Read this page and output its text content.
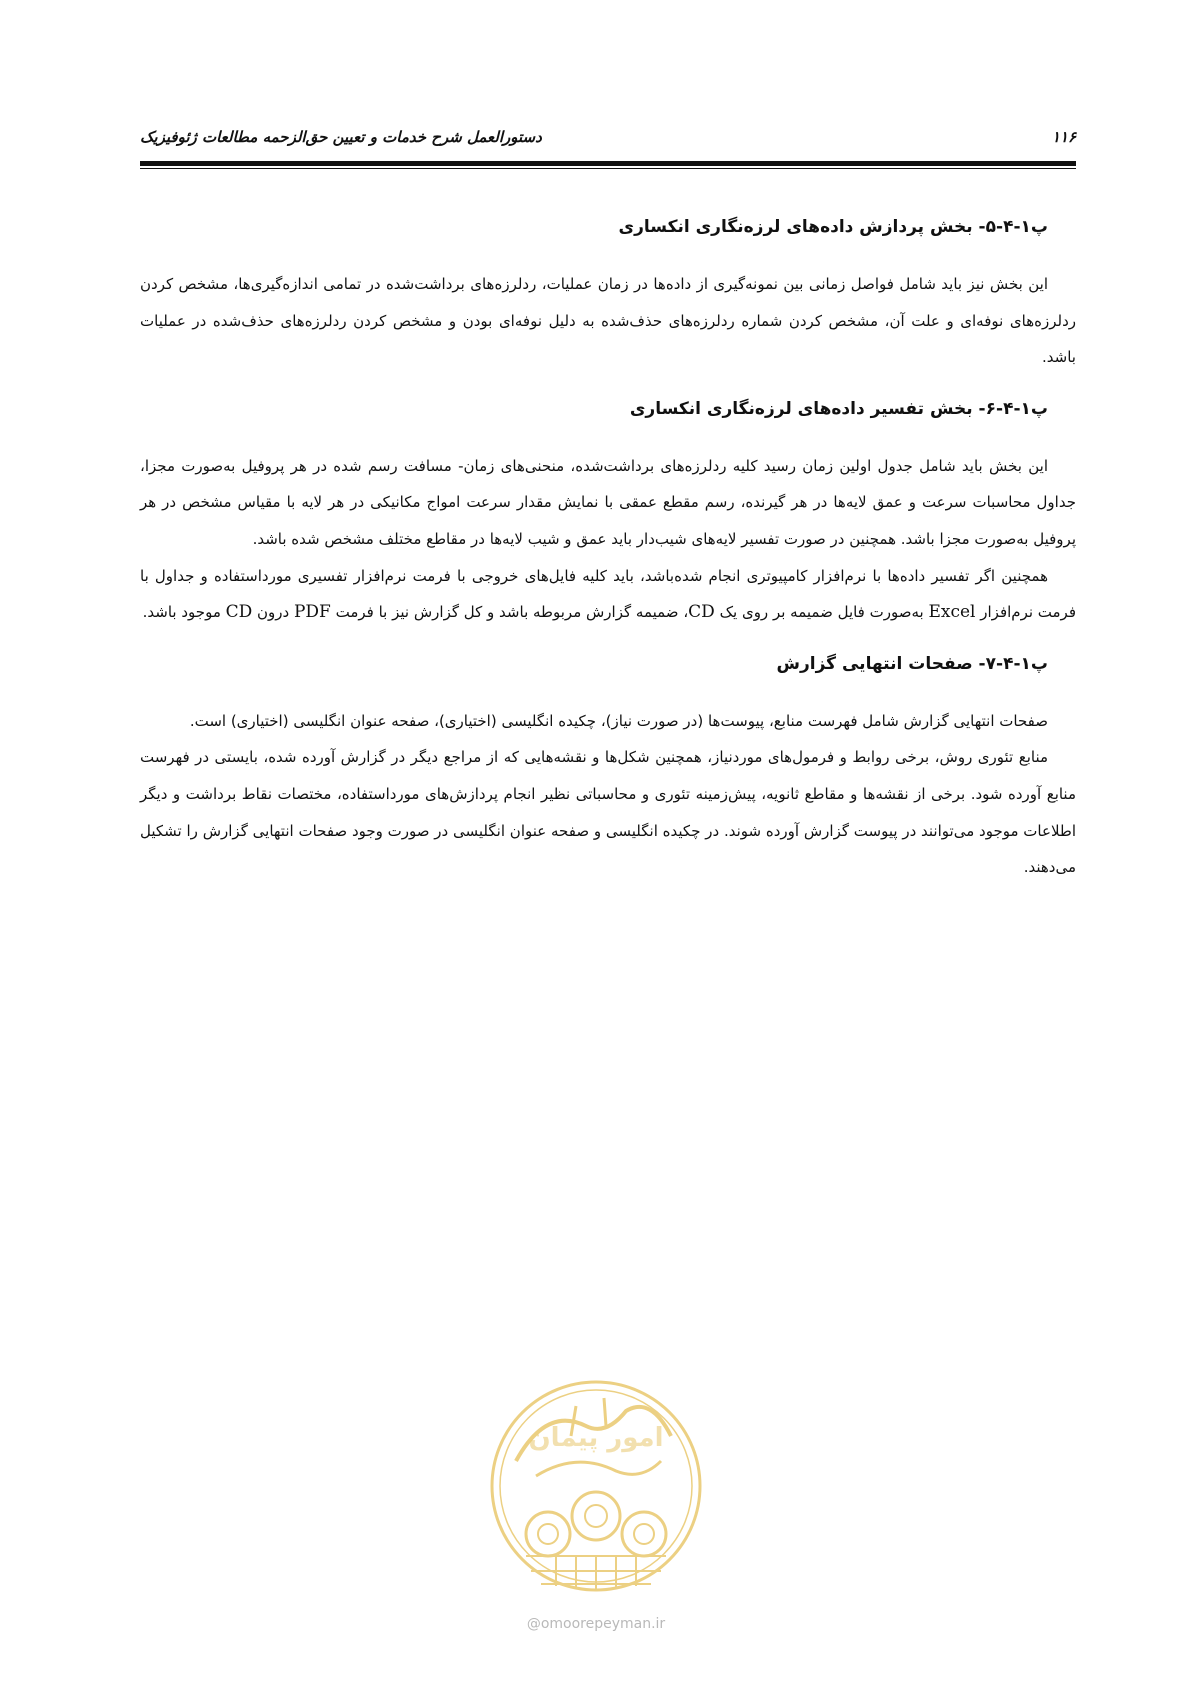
دستورالعمل شرح خدمات و تعیین حق‌الزحمه مطالعات ژئوفیزیک	۱۱۶
پ۱-۴-۵- بخش پردازش داده‌های لرزه‌نگاری انکساری

این بخش نیز باید شامل فواصل زمانی بین نمونه‌گیری از داده‌ها در زمان عملیات، ردلرزه‌های برداشت‌شده در تمامی اندازه‌گیری‌ها، مشخص کردن ردلرزه‌های نوفه‌ای و علت آن، مشخص کردن شماره ردلرزه‌های حذف‌شده به دلیل نوفه‌ای بودن و مشخص کردن ردلرزه‌های حذف‌شده در عملیات باشد.

پ۱-۴-۶- بخش تفسیر داده‌های لرزه‌نگاری انکساری

این بخش باید شامل جدول اولین زمان رسید کلیه ردلرزه‌های برداشت‌شده، منحنی‌های زمان- مسافت رسم شده در هر پروفیل به‌صورت مجزا، جداول محاسبات سرعت و عمق لایه‌ها در هر گیرنده، رسم مقطع عمقی با نمایش مقدار سرعت امواج مکانیکی در هر لایه با مقیاس مشخص در هر پروفیل به‌صورت مجزا باشد. همچنین در صورت تفسیر لایه‌های شیب‌دار باید عمق و شیب لایه‌ها در مقاطع مختلف مشخص شده باشد.

همچنین اگر تفسیر داده‌ها با نرم‌افزار کامپیوتری انجام شده‌باشد، باید کلیه فایل‌های خروجی با فرمت نرم‌افزار تفسیری مورداستفاده و جداول با فرمت نرم‌افزار Excel به‌صورت فایل ضمیمه بر روی یک CD، ضمیمه گزارش مربوطه باشد و کل گزارش نیز با فرمت PDF درون CD موجود باشد.

پ۱-۴-۷- صفحات انتهایی گزارش

صفحات انتهایی گزارش شامل فهرست منابع، پیوست‌ها (در صورت نیاز)، چکیده انگلیسی (اختیاری)، صفحه عنوان انگلیسی (اختیاری) است.

منابع تئوری روش، برخی روابط و فرمول‌های موردنیاز، همچنین شکل‌ها و نقشه‌هایی که از مراجع دیگر در گزارش آورده شده، بایستی در فهرست منابع آورده شود. برخی از نقشه‌ها و مقاطع ثانویه، پیش‌زمینه تئوری و محاسباتی نظیر انجام پردازش‌های مورداستفاده، مختصات نقاط برداشت و دیگر اطلاعات موجود می‌توانند در پیوست گزارش آورده شوند. در چکیده انگلیسی و صفحه عنوان انگلیسی در صورت وجود صفحات انتهایی گزارش را تشکیل می‌دهند.

امور پیمان
@omoorepeyman.ir
